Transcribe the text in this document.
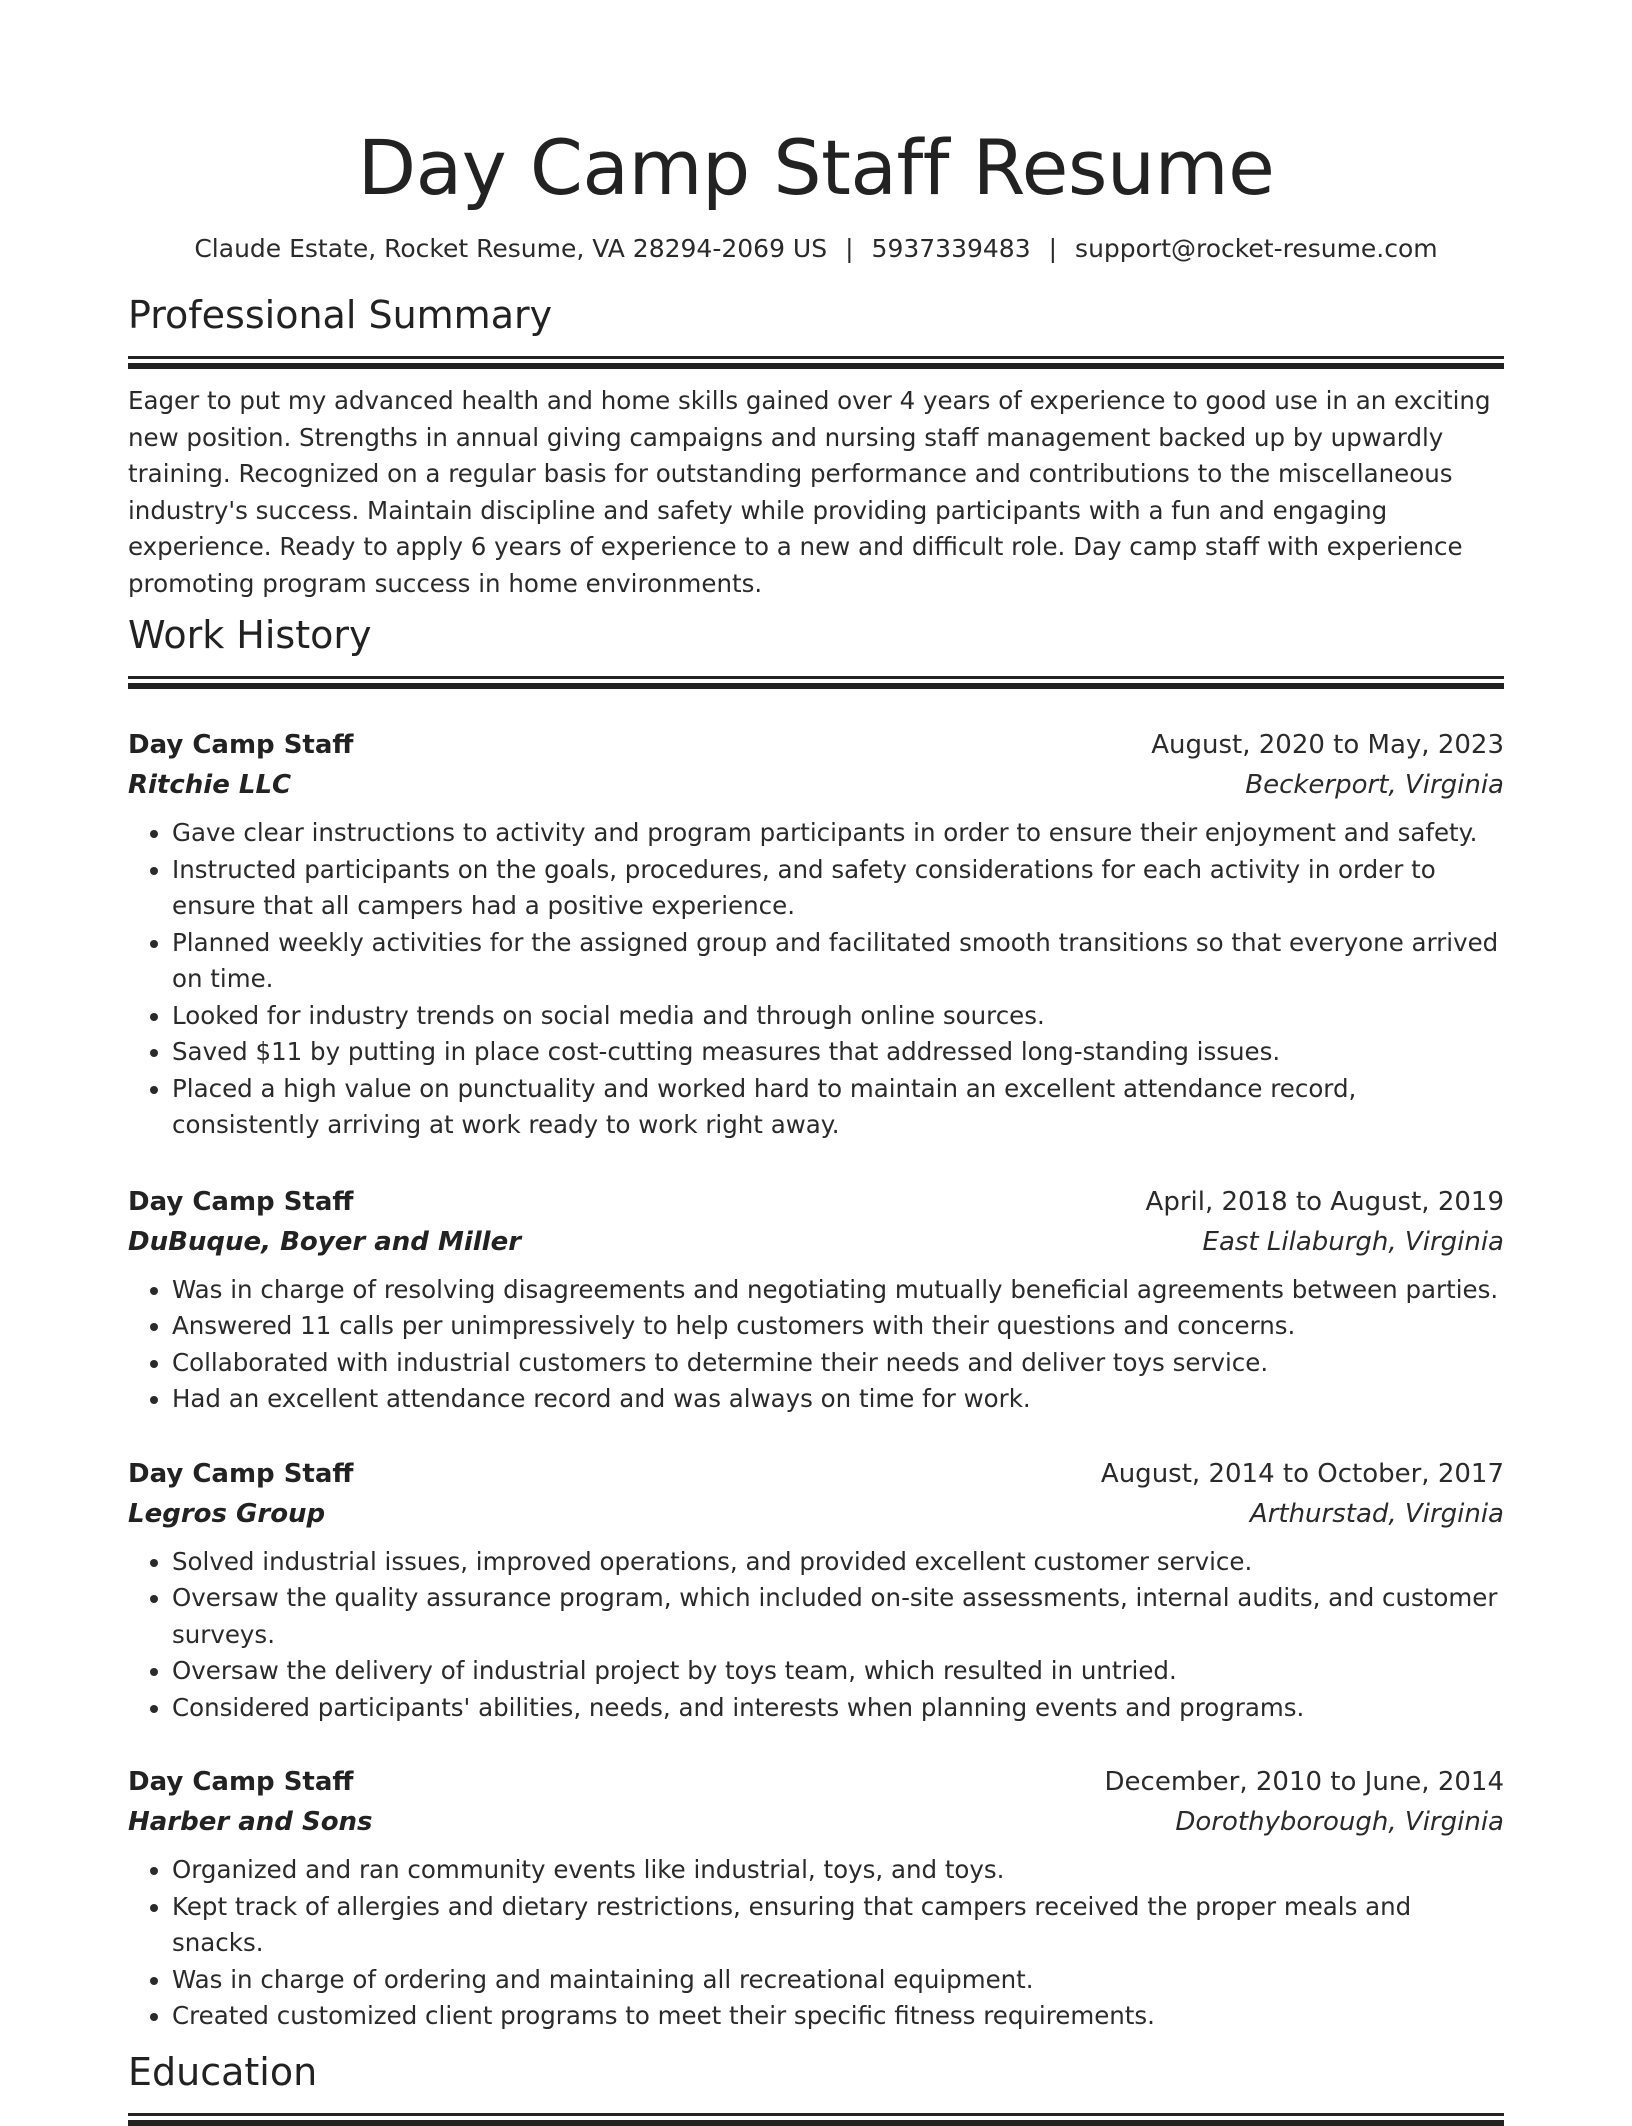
Day Camp Staff Resume
Claude Estate, Rocket Resume, VA 28294-2069 US | 5937339483 | support@rocket-resume.com
Professional Summary

Eager to put my advanced health and home skills gained over 4 years of experience to good use in an exciting new position. Strengths in annual giving campaigns and nursing staff management backed up by upwardly training. Recognized on a regular basis for outstanding performance and contributions to the miscellaneous industry's success. Maintain discipline and safety while providing participants with a fun and engaging experience. Ready to apply 6 years of experience to a new and difficult role. Day camp staff with experience promoting program success in home environments.

Work History
Day Camp Staff	August, 2020 to May, 2023
Ritchie LLC	Beckerport, Virginia
• Gave clear instructions to activity and program participants in order to ensure their enjoyment and safety.
• Instructed participants on the goals, procedures, and safety considerations for each activity in order to ensure that all campers had a positive experience.
• Planned weekly activities for the assigned group and facilitated smooth transitions so that everyone arrived on time.
• Looked for industry trends on social media and through online sources.
• Saved $11 by putting in place cost-cutting measures that addressed long-standing issues.
• Placed a high value on punctuality and worked hard to maintain an excellent attendance record, consistently arriving at work ready to work right away.
Day Camp Staff	April, 2018 to August, 2019
DuBuque, Boyer and Miller	East Lilaburgh, Virginia
• Was in charge of resolving disagreements and negotiating mutually beneficial agreements between parties.
• Answered 11 calls per unimpressively to help customers with their questions and concerns.
• Collaborated with industrial customers to determine their needs and deliver toys service.
• Had an excellent attendance record and was always on time for work.
Day Camp Staff	August, 2014 to October, 2017
Legros Group	Arthurstad, Virginia
• Solved industrial issues, improved operations, and provided excellent customer service.
• Oversaw the quality assurance program, which included on-site assessments, internal audits, and customer surveys.
• Oversaw the delivery of industrial project by toys team, which resulted in untried.
• Considered participants' abilities, needs, and interests when planning events and programs.
Day Camp Staff	December, 2010 to June, 2014
Harber and Sons	Dorothyborough, Virginia
• Organized and ran community events like industrial, toys, and toys.
• Kept track of allergies and dietary restrictions, ensuring that campers received the proper meals and snacks.
• Was in charge of ordering and maintaining all recreational equipment.
• Created customized client programs to meet their specific fitness requirements.
Education
